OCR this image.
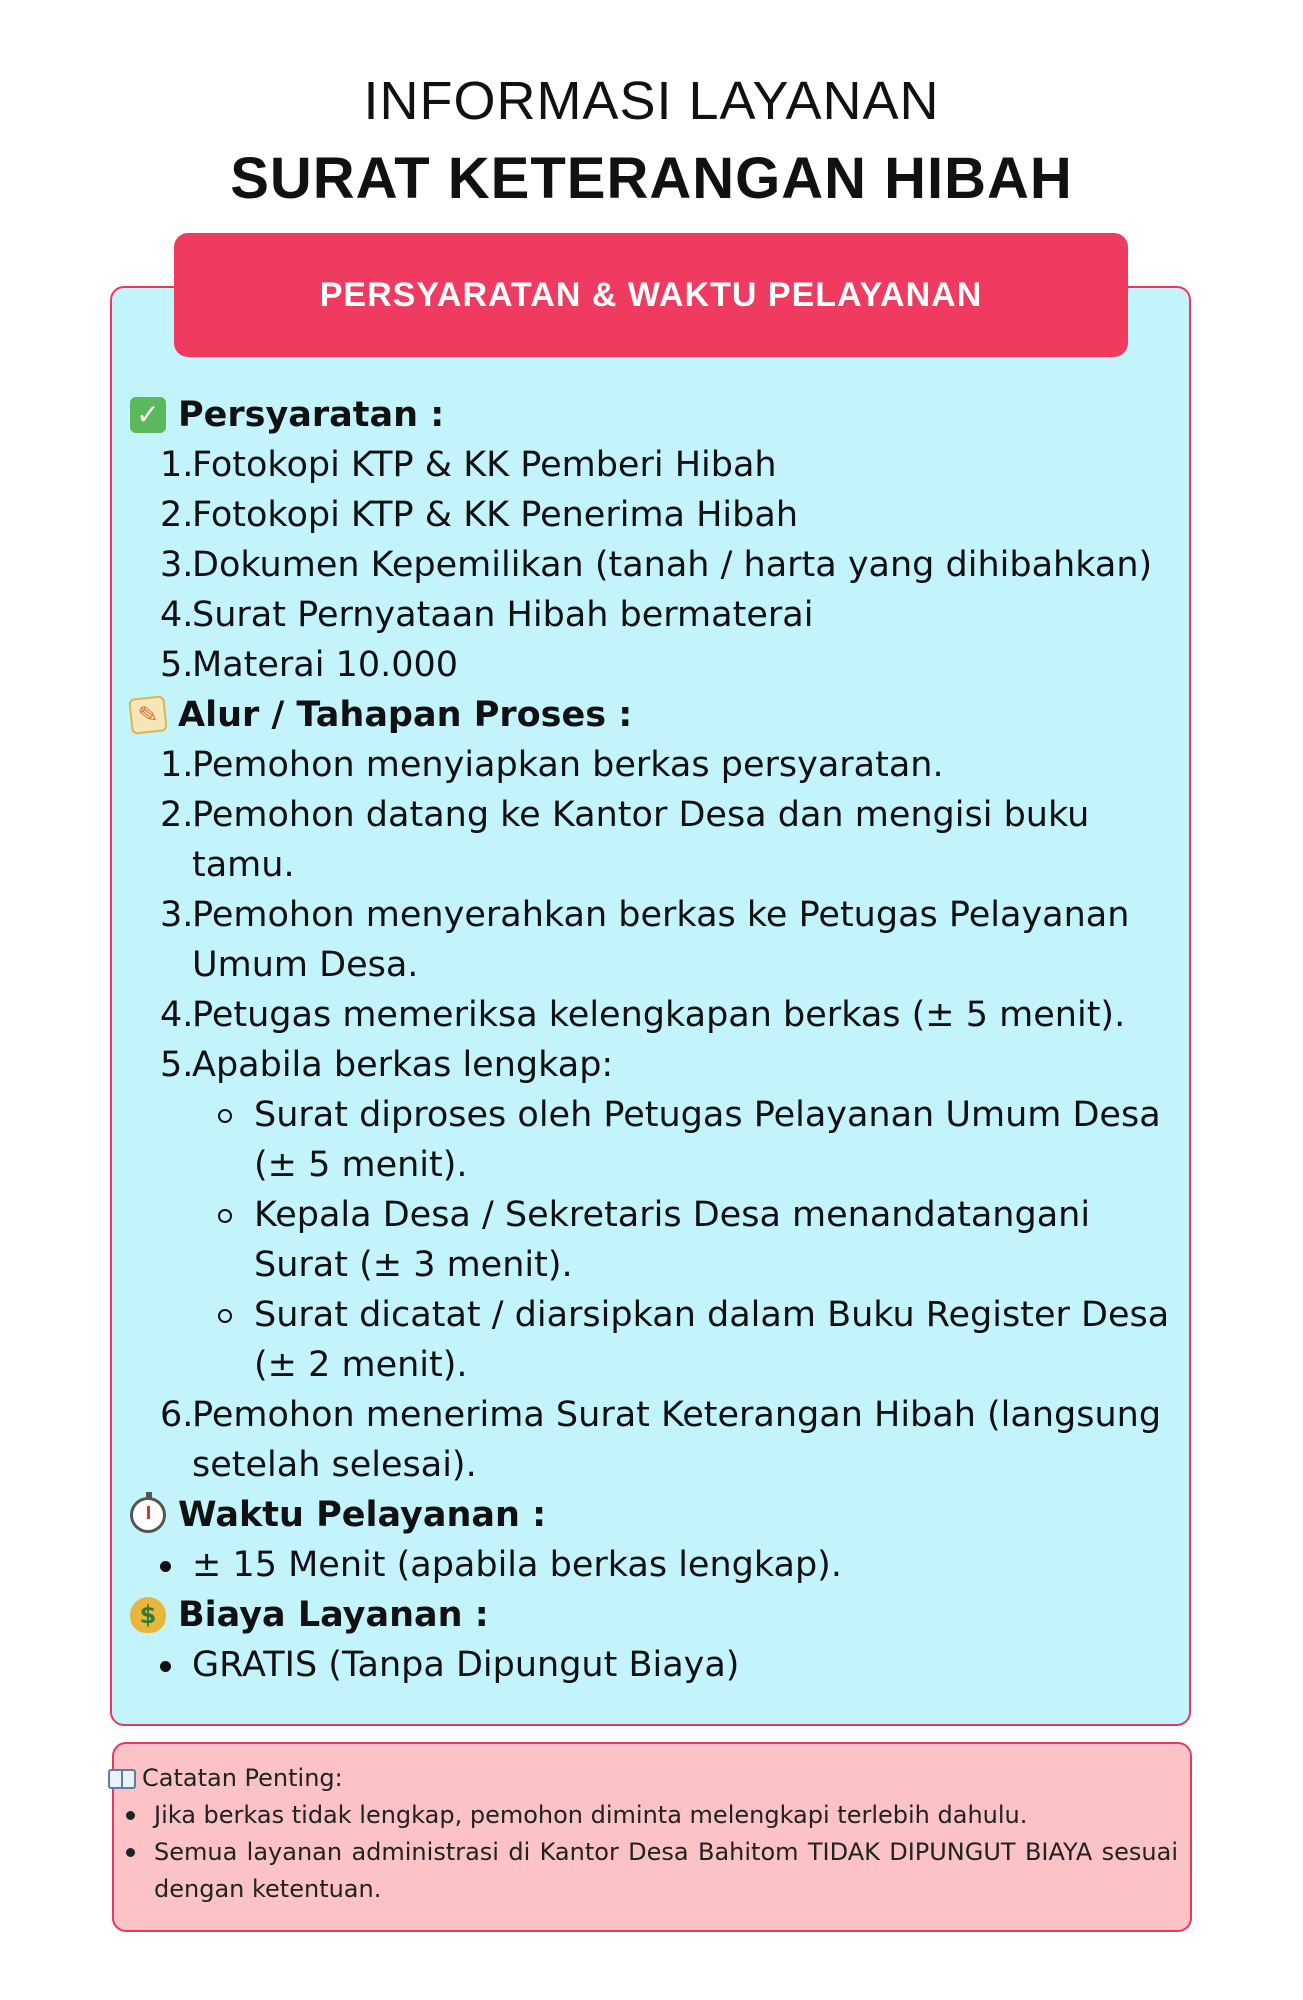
INFORMASI LAYANAN
SURAT KETERANGAN HIBAH
PERSYARATAN & WAKTU PELAYANAN
✓ Persyaratan :
1.
Fotokopi KTP & KK Pemberi Hibah
2.
Fotokopi KTP & KK Penerima Hibah
3.
Dokumen Kepemilikan (tanah / harta yang dihibahkan)
4.
Surat Pernyataan Hibah bermaterai
5.
Materai 10.000
✎ Alur / Tahapan Proses :
1.
Pemohon menyiapkan berkas persyaratan.
2.
Pemohon datang ke Kantor Desa dan mengisi buku tamu.
3.
Pemohon menyerahkan berkas ke Petugas Pelayanan Umum Desa.
4.
Petugas memeriksa kelengkapan berkas (± 5 menit).
5.
Apabila berkas lengkap:
Surat diproses oleh Petugas Pelayanan Umum Desa (± 5 menit).
Kepala Desa / Sekretaris Desa menandatangani Surat (± 3 menit).
Surat dicatat / diarsipkan dalam Buku Register Desa (± 2 menit).
6.
Pemohon menerima Surat Keterangan Hibah (langsung setelah selesai).
Waktu Pelayanan :
± 15 Menit (apabila berkas lengkap).
$ Biaya Layanan :
GRATIS (Tanpa Dipungut Biaya)
Catatan Penting:
Jika berkas tidak lengkap, pemohon diminta melengkapi terlebih dahulu.
Semua layanan administrasi di Kantor Desa Bahitom TIDAK DIPUNGUT BIAYA sesuai dengan ketentuan.
